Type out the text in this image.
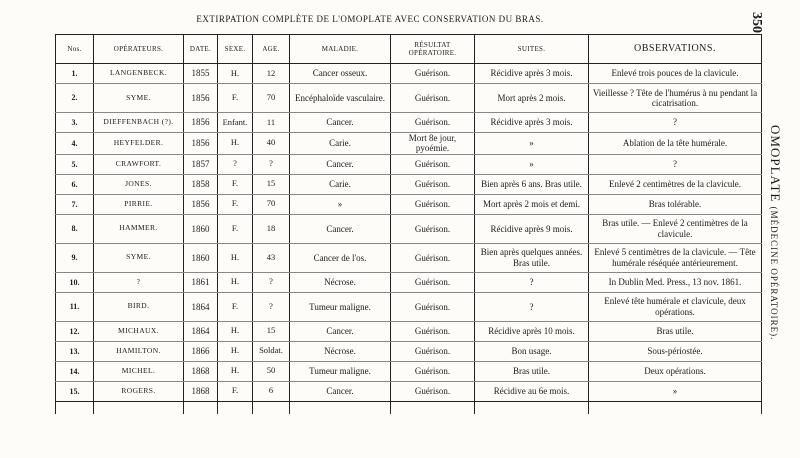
EXTIRPATION COMPLÈTE DE L'OMOPLATE AVEC CONSERVATION DU BRAS.	350
OMOPLATE (MÉDECINE OPÉRATOIRE).
Nos.	OPÉRATEURS.	DATE.	SEXE.	AGE.	MALADIE.	RÉSULTAT OPÉRATOIRE.	SUITES.	OBSERVATIONS.
1.	LANGENBECK.	1855	H.	12	Cancer osseux.	Guérison.	Récidive après 3 mois.	Enlevé trois pouces de la clavicule.
2.	SYME.	1856	F.	70	Encéphaloïde vasculaire.	Guérison.	Mort après 2 mois.	Vieillesse ? Tête de l'humérus à nu pendant la cicatrisation.
3.	DIEFFENBACH (?).	1856	Enfant.	11	Cancer.	Guérison.	Récidive après 3 mois.	?
4.	HEYFELDER.	1856	H.	40	Carie.	Mort 8e jour, pyoémie.	»	Ablation de la tête humérale.
5.	CRAWFORT.	1857	?	?	Cancer.	Guérison.	»	?
6.	JONES.	1858	F.	15	Carie.	Guérison.	Bien après 6 ans. Bras utile.	Enlevé 2 centimètres de la clavicule.
7.	PIRRIE.	1856	F.	70	»	Guérison.	Mort après 2 mois et demi.	Bras tolérable.
8.	HAMMER.	1860	F.	18	Cancer.	Guérison.	Récidive après 9 mois.	Bras utile. — Enlevé 2 centimètres de la clavicule.
9.	SYME.	1860	H.	43	Cancer de l'os.	Guérison.	Bien après quelques années. Bras utile.	Enlevé 5 centimètres de la clavicule. — Tête humérale réséquée antérieurement.
10.	?	1861	H.	?	Nécrose.	Guérison.	?	In Dublin Med. Press., 13 nov. 1861.
11.	BIRD.	1864	F.	?	Tumeur maligne.	Guérison.	?	Enlevé tête humérale et clavicule, deux opérations.
12.	MICHAUX.	1864	H.	15	Cancer.	Guérison.	Récidive après 10 mois.	Bras utile.
13.	HAMILTON.	1866	H.	Soldat.	Nécrose.	Guérison.	Bon usage.	Sous-périostée.
14.	MICHEL.	1868	H.	50	Tumeur maligne.	Guérison.	Bras utile.	Deux opérations.
15.	ROGERS.	1868	F.	6	Cancer.	Guérison.	Récidive au 6e mois.	»
